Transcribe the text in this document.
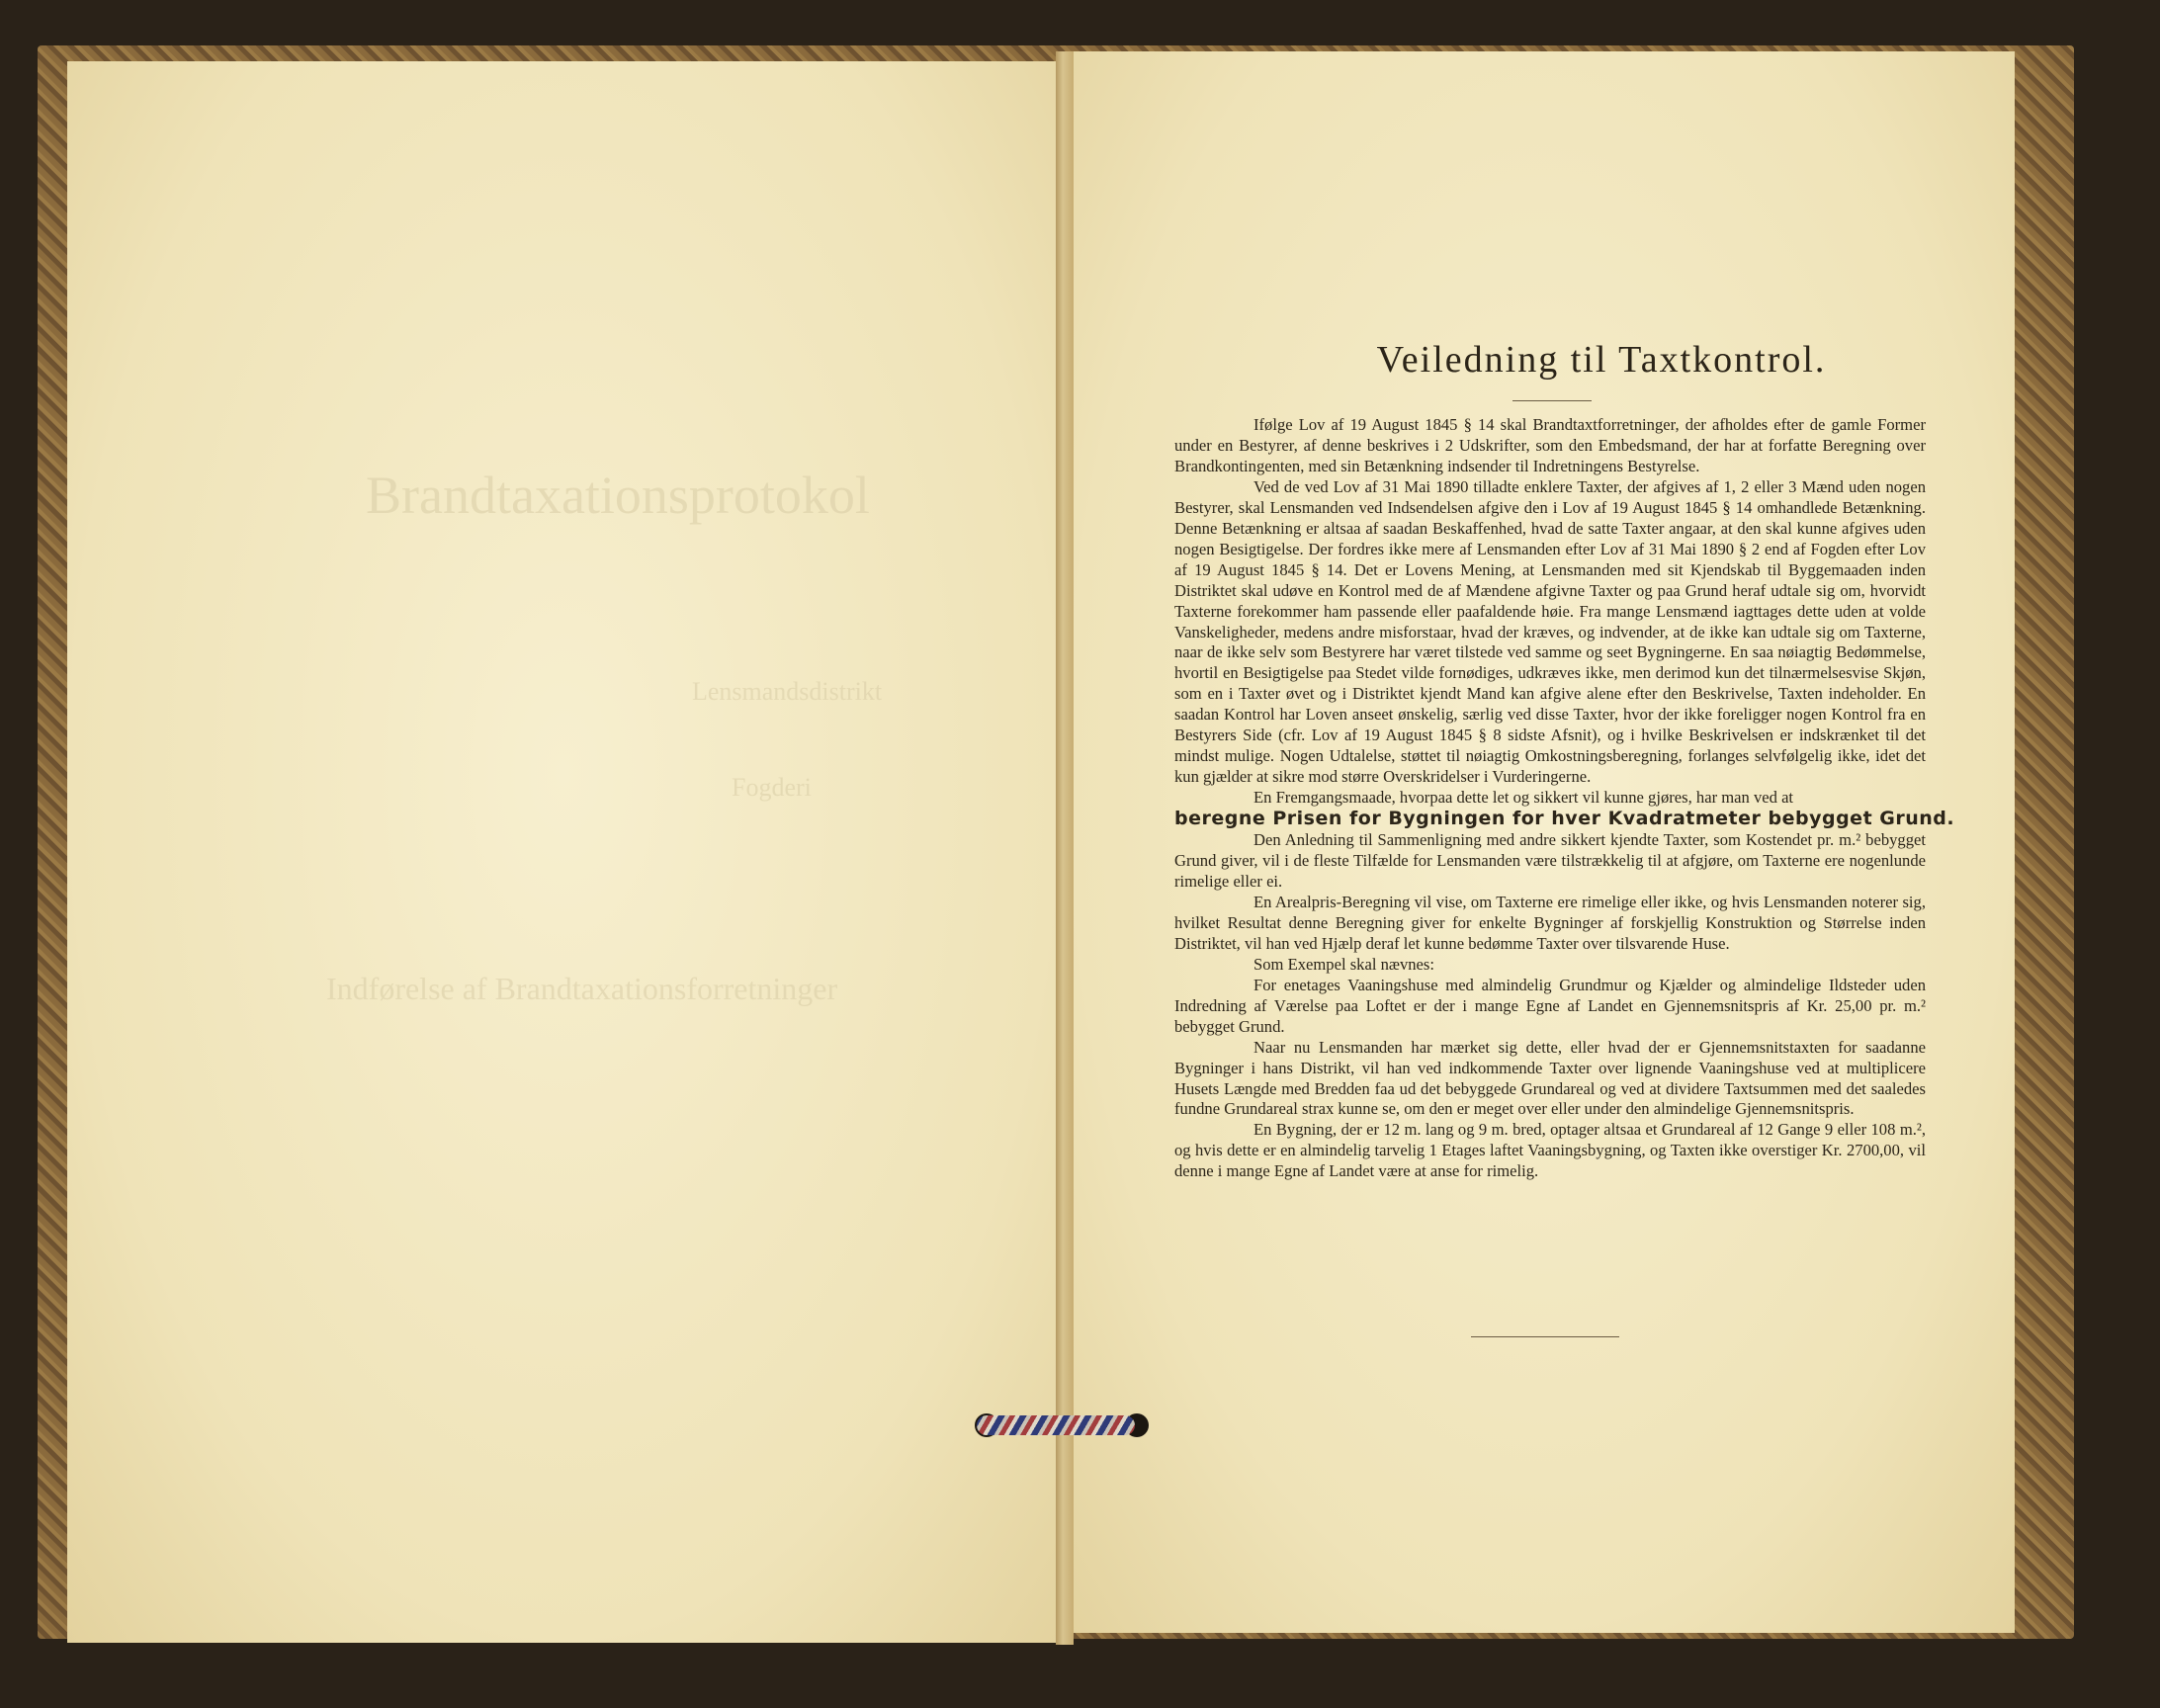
Brandtaxationsprotokol
Lensmandsdistrikt
Fogderi
Indførelse af Brandtaxationsforretninger
Veiledning til Taxtkontrol.

Ifølge Lov af 19 August 1845 § 14 skal Brandtaxtforretninger, der afholdes efter de gamle Former under en Bestyrer, af denne beskrives i 2 Udskrifter, som den Embedsmand, der har at forfatte Beregning over Brandkontingenten, med sin Betænkning indsender til Indretningens Bestyrelse.

Ved de ved Lov af 31 Mai 1890 tilladte enklere Taxter, der afgives af 1, 2 eller 3 Mænd uden nogen Bestyrer, skal Lensmanden ved Indsendelsen afgive den i Lov af 19 August 1845 § 14 omhandlede Betænkning. Denne Betænkning er altsaa af saadan Beskaffenhed, hvad de satte Taxter angaar, at den skal kunne afgives uden nogen Besigtigelse. Der fordres ikke mere af Lensmanden efter Lov af 31 Mai 1890 § 2 end af Fogden efter Lov af 19 August 1845 § 14. Det er Lovens Mening, at Lensmanden med sit Kjendskab til Byggemaaden inden Distriktet skal udøve en Kontrol med de af Mændene afgivne Taxter og paa Grund heraf udtale sig om, hvorvidt Taxterne forekommer ham passende eller paafaldende høie. Fra mange Lensmænd iagttages dette uden at volde Vanskeligheder, medens andre misforstaar, hvad der kræves, og indvender, at de ikke kan udtale sig om Taxterne, naar de ikke selv som Bestyrere har været tilstede ved samme og seet Bygningerne. En saa nøiagtig Bedømmelse, hvortil en Besigtigelse paa Stedet vilde fornødiges, udkræves ikke, men derimod kun det tilnærmelsesvise Skjøn, som en i Taxter øvet og i Distriktet kjendt Mand kan afgive alene efter den Beskrivelse, Taxten indeholder. En saadan Kontrol har Loven anseet ønskelig, særlig ved disse Taxter, hvor der ikke foreligger nogen Kontrol fra en Bestyrers Side (cfr. Lov af 19 August 1845 § 8 sidste Afsnit), og i hvilke Beskrivelsen er indskrænket til det mindst mulige. Nogen Udtalelse, støttet til nøiagtig Omkostningsberegning, forlanges selvfølgelig ikke, idet det kun gjælder at sikre mod større Overskridelser i Vurderingerne.

En Fremgangsmaade, hvorpaa dette let og sikkert vil kunne gjøres, har man ved at

beregne Prisen for Bygningen for hver Kvadratmeter bebygget Grund.

Den Anledning til Sammenligning med andre sikkert kjendte Taxter, som Kostendet pr. m.² bebygget Grund giver, vil i de fleste Tilfælde for Lensmanden være tilstrækkelig til at afgjøre, om Taxterne ere nogenlunde rimelige eller ei.

En Arealpris-Beregning vil vise, om Taxterne ere rimelige eller ikke, og hvis Lensmanden noterer sig, hvilket Resultat denne Beregning giver for enkelte Bygninger af forskjellig Konstruktion og Størrelse inden Distriktet, vil han ved Hjælp deraf let kunne bedømme Taxter over tilsvarende Huse.

Som Exempel skal nævnes:

For enetages Vaaningshuse med almindelig Grundmur og Kjælder og almindelige Ildsteder uden Indredning af Værelse paa Loftet er der i mange Egne af Landet en Gjennemsnitspris af Kr. 25,00 pr. m.² bebygget Grund.

Naar nu Lensmanden har mærket sig dette, eller hvad der er Gjennemsnitstaxten for saadanne Bygninger i hans Distrikt, vil han ved indkommende Taxter over lignende Vaaningshuse ved at multiplicere Husets Længde med Bredden faa ud det bebyggede Grundareal og ved at dividere Taxtsummen med det saaledes fundne Grundareal strax kunne se, om den er meget over eller under den almindelige Gjennemsnitspris.

En Bygning, der er 12 m. lang og 9 m. bred, optager altsaa et Grundareal af 12 Gange 9 eller 108 m.², og hvis dette er en almindelig tarvelig 1 Etages laftet Vaaningsbygning, og Taxten ikke overstiger Kr. 2700,00, vil denne i mange Egne af Landet være at anse for rimelig.
